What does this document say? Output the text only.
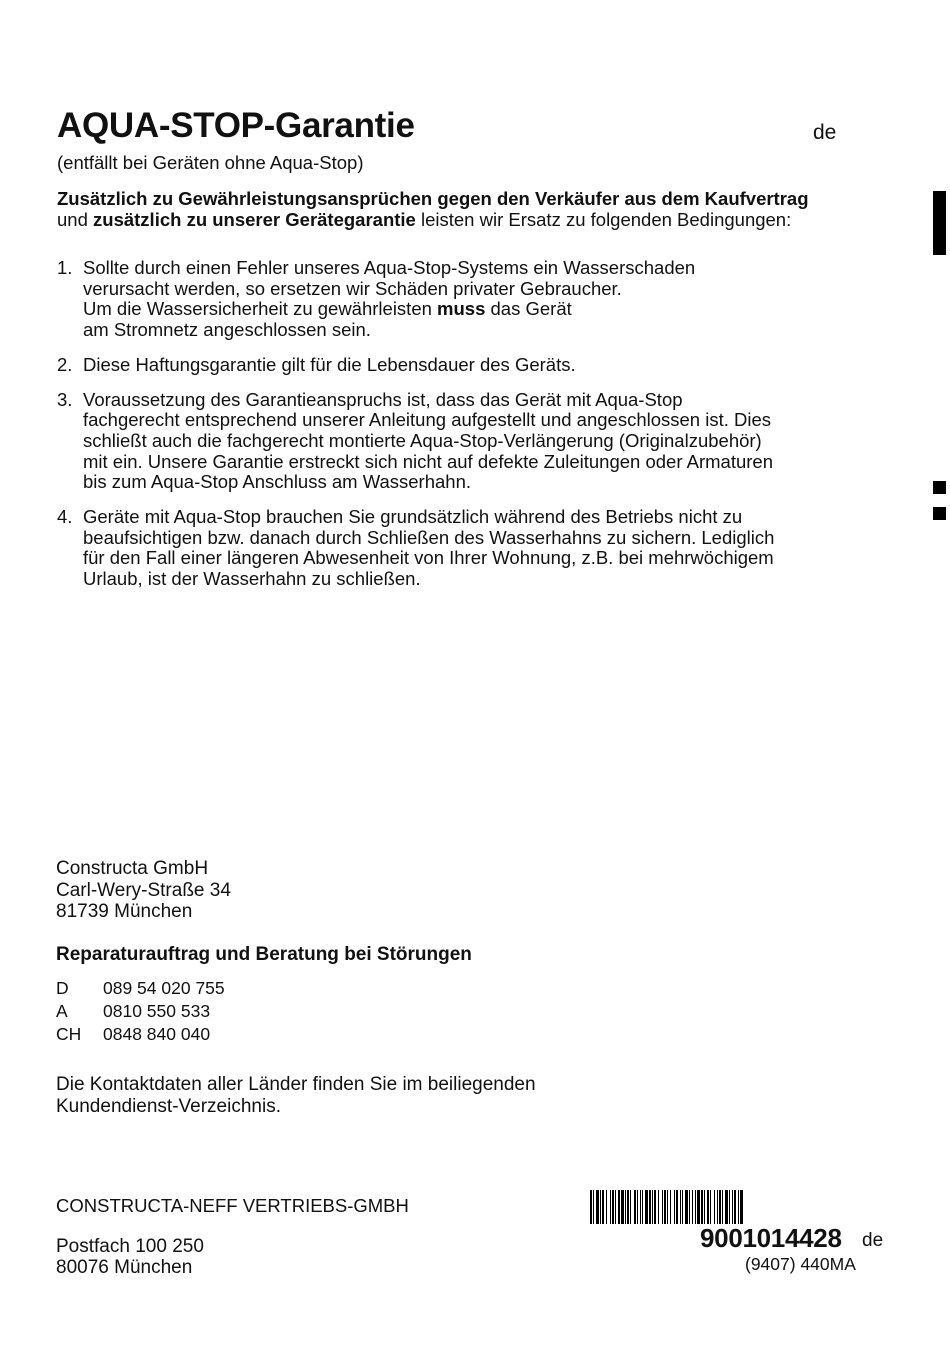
AQUA-STOP-Garantie	de
(entfällt bei Geräten ohne Aqua-Stop)

Zusätzlich zu Gewährleistungsansprüchen gegen den Verkäufer aus dem Kaufvertrag

und zusätzlich zu unserer Gerätegarantie leisten wir Ersatz zu folgenden Bedingungen:

1. Sollte durch einen Fehler unseres Aqua-Stop-Systems ein Wasserschaden
verursacht werden, so ersetzen wir Schäden privater Gebraucher.
Um die Wassersicherheit zu gewährleisten muss das Gerät
am Stromnetz angeschlossen sein.
2. Diese Haftungsgarantie gilt für die Lebensdauer des Geräts.
3. Voraussetzung des Garantieanspruchs ist, dass das Gerät mit Aqua-Stop
fachgerecht entsprechend unserer Anleitung aufgestellt und angeschlossen ist. Dies
schließt auch die fachgerecht montierte Aqua-Stop-Verlängerung (Originalzubehör)
mit ein. Unsere Garantie erstreckt sich nicht auf defekte Zuleitungen oder Armaturen
bis zum Aqua-Stop Anschluss am Wasserhahn.
4. Geräte mit Aqua-Stop brauchen Sie grundsätzlich während des Betriebs nicht zu
beaufsichtigen bzw. danach durch Schließen des Wasserhahns zu sichern. Lediglich
für den Fall einer längeren Abwesenheit von Ihrer Wohnung, z.B. bei mehrwöchigem
Urlaub, ist der Wasserhahn zu schließen.
Constructa GmbH
Carl-Wery-Straße 34
81739 München
Reparaturauftrag und Beratung bei Störungen
D 089 54 020 755
A 0810 550 533
CH 0848 840 040
Die Kontaktdaten aller Länder finden Sie im beiliegenden
Kundendienst-Verzeichnis.
CONSTRUCTA-NEFF VERTRIEBS-GMBH
Postfach 100 250
80076 München
9001014428 de
(9407) 440MA
